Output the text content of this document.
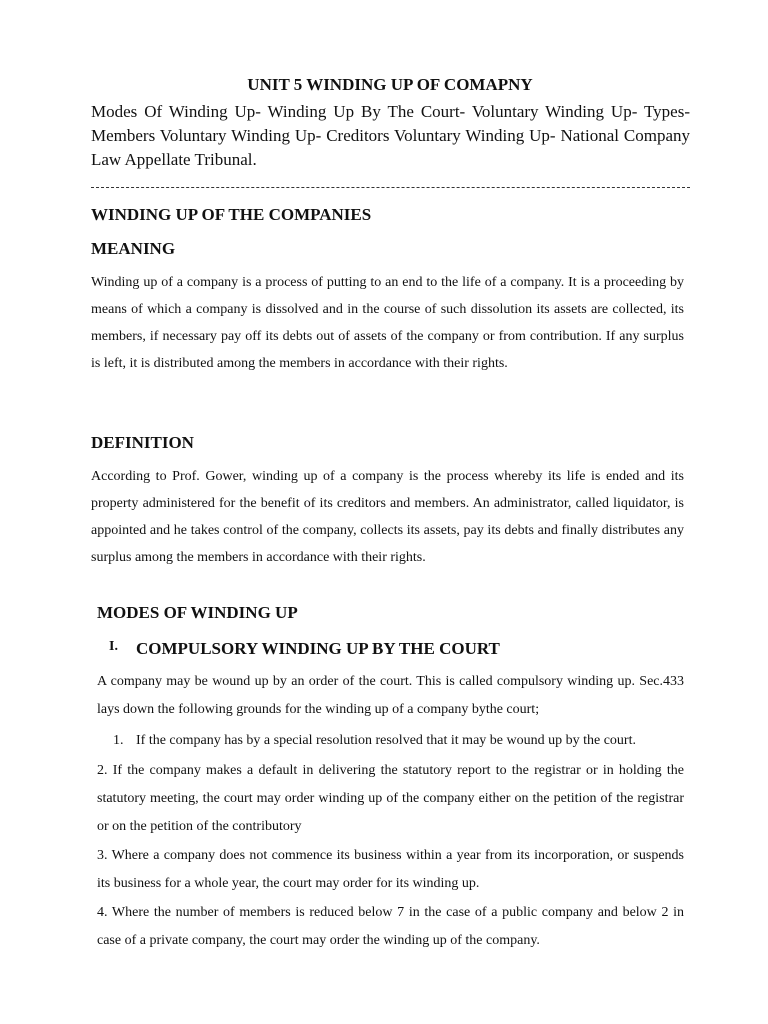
UNIT 5 WINDING UP OF COMAPNY
Modes Of Winding Up- Winding Up By The Court- Voluntary Winding Up- Types- Members Voluntary Winding Up- Creditors Voluntary Winding Up- National Company Law Appellate Tribunal.
WINDING UP OF THE COMPANIES
MEANING
Winding up of a company is a process of putting to an end to the life of a company. It is a proceeding by means of which a company is dissolved and in the course of such dissolution its assets are collected, its members, if necessary pay off its debts out of assets of the company or from contribution. If any surplus is left, it is distributed among the members in accordance with their rights.
DEFINITION
According to Prof. Gower, winding up of a company is the process whereby its life is ended and its property administered for the benefit of its creditors and members. An administrator, called liquidator, is appointed and he takes control of the company, collects its assets, pay its debts and finally distributes any surplus among the members in accordance with their rights.
MODES OF WINDING UP
I. COMPULSORY WINDING UP BY THE COURT
A company may be wound up by an order of the court. This is called compulsory winding up. Sec.433 lays down the following grounds for the winding up of a company bythe court;
1. If the company has by a special resolution resolved that it may be wound up by the court.
2. If the company makes a default in delivering the statutory report to the registrar or in holding the statutory meeting, the court may order winding up of the company either on the petition of the registrar or on the petition of the contributory
3. Where a company does not commence its business within a year from its incorporation, or suspends its business for a whole year, the court may order for its winding up.
4. Where the number of members is reduced below 7 in the case of a public company and below 2 in case of a private company, the court may order the winding up of the company.
